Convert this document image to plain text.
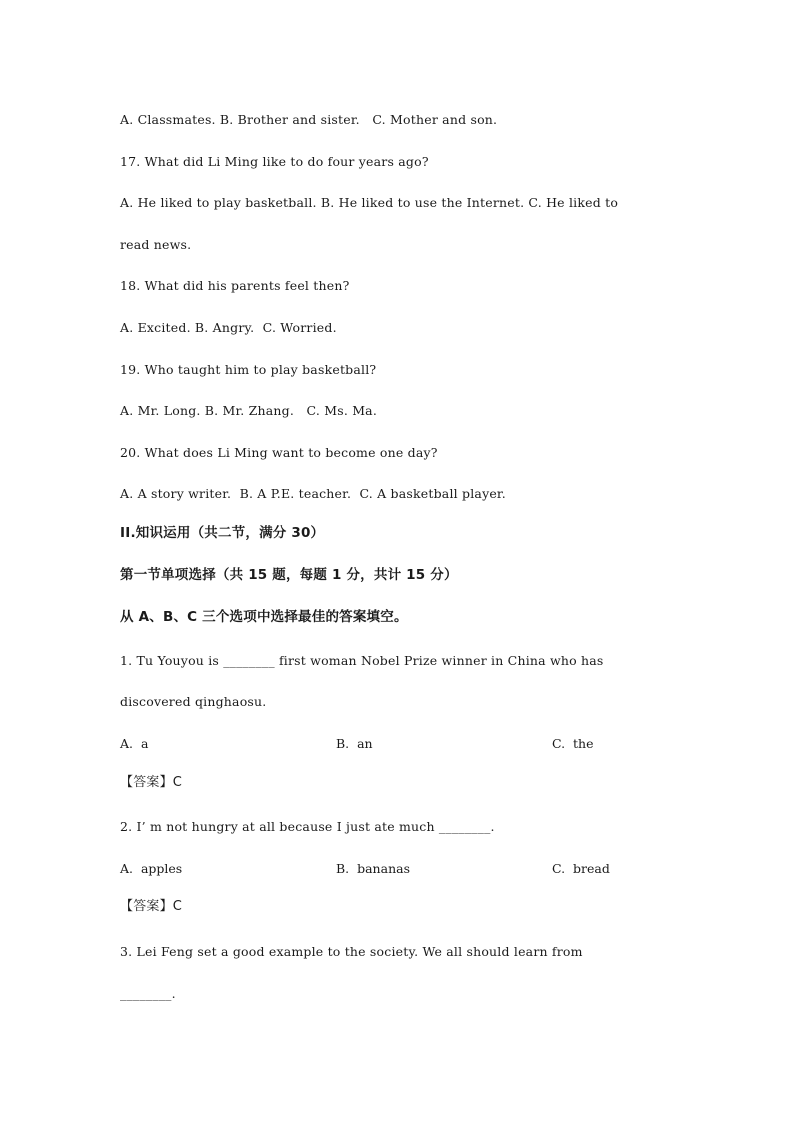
A. Classmates. B. Brother and sister.   C. Mother and son.
17. What did Li Ming like to do four years ago?
A. He liked to play basketball. B. He liked to use the Internet. C. He liked to
read news.
18. What did his parents feel then?
A. Excited. B. Angry.  C. Worried.
19. Who taught him to play basketball?
A. Mr. Long. B. Mr. Zhang.   C. Ms. Ma.
20. What does Li Ming want to become one day?
A. A story writer.  B. A P.E. teacher.  C. A basketball player.
II.知识运用（共二节，满分 30）
第一节单项选择（共 15 题，每题 1 分，共计 15 分）
从 A、B、C 三个选项中选择最佳的答案填空。
1. Tu Youyou is ________ first woman Nobel Prize winner in China who has
discovered qinghaosu.
A.  a	B.  an	C.  the
【答案】C
2. I’ m not hungry at all because I just ate much ________.
A.  apples	B.  bananas	C.  bread
【答案】C
3. Lei Feng set a good example to the society. We all should learn from
________.
